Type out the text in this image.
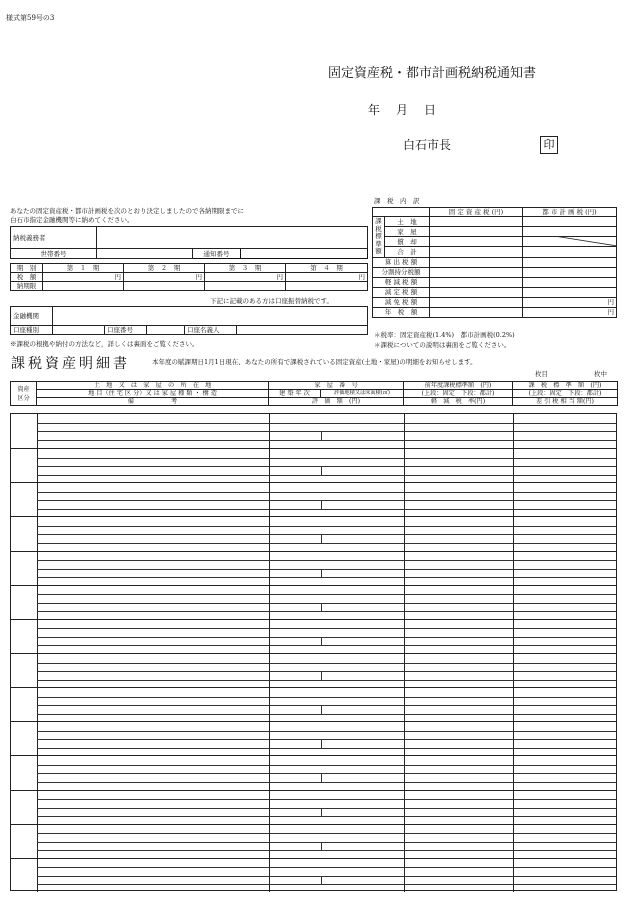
様式第59号の3
固定資産税・都市計画税納税通知書
年　月　日
白石市長	印
あなたの固定資産税・都市計画税を次のとおり決定しましたので各納期限までに
白石市指定金融機関等に納めてください。
納税義務者			
世帯番号		通知番号	
期　別	第　１　期	第　２　期	第　３　期	第　４　期
税　額	円	円	円	円
納期限				
下記に記載のある方は口座振替納税です。
金融機関					
口座種別		口座番号		口座名義人	
※課税の根拠や納付の方法など，詳しくは裏面をご覧ください。
課　税　内　訳
		固 定 資 産 税 (円)	都 市 計 画 税 (円)
課税標準額	土　地		
	家　屋		
	償　却		

	合　計		
算 出 税 額			
分割持分税額			
軽 減 税 額			
減 定 税 額			
減 免 税 額			円
年　税　額			円
＊税率：固定資産税(1.4%)　都市計画税(0.2%)
＊課税についての説明は裏面をご覧ください。
課税資産明細書	本年度の賦課期日1月1日現在、あなたの所有で課税されている固定資産(土地・家屋)の明細をお知らせします。
枚目	枚中
資産区分	土　地　又　は　家　屋　の　所　在　地	家　屋　番　号		前年度課税標準額　(円)	課　税　標　準　額　(円)
	地 目（住 宅 区 分）又 は 家 屋 種 類 ・ 構 造	建 築 年 次	評価地積又は床面積(㎡)	(上段：固定　下段：都計)	(上段：固定　下段：都計)
	備　　　　　　考	評　価　額　(円)		軽　減　税　率(円)	差 引 税 相 当 額(円)
